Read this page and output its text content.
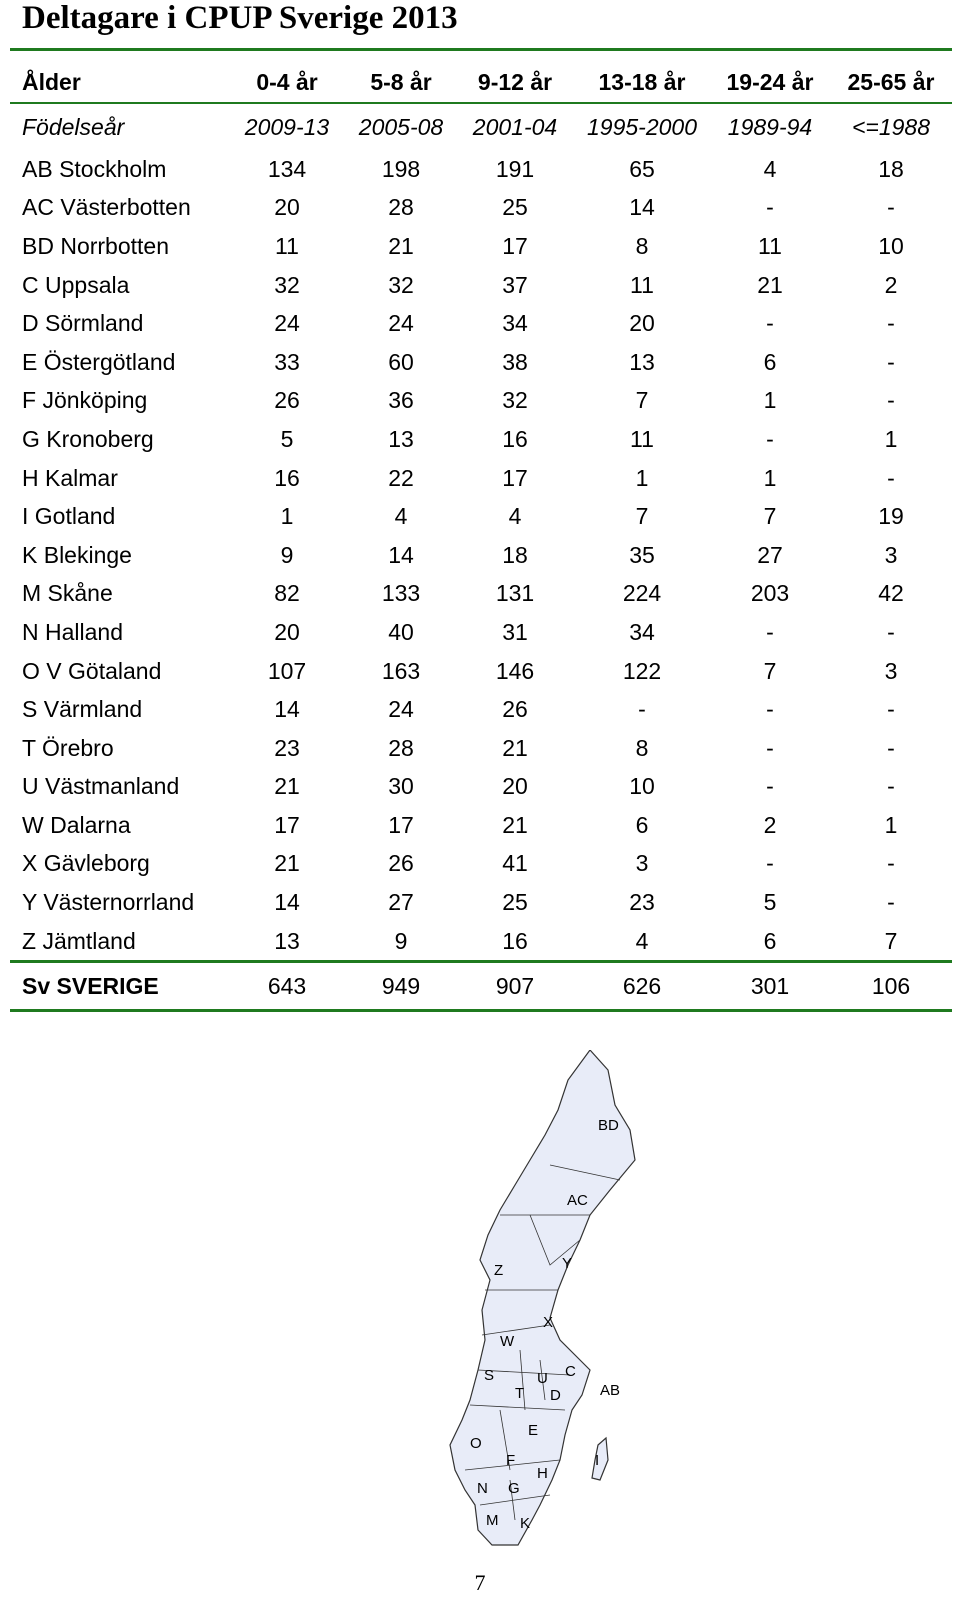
Deltagare i CPUP Sverige 2013
Ålder	0-4 år	5-8 år	9-12 år	13-18 år	19-24 år	25-65 år
Födelseår	2009-13	2005-08	2001-04	1995-2000	1989-94	<=1988
AB Stockholm	134	198	191	65	4	18
AC Västerbotten	20	28	25	14	-	-
BD Norrbotten	11	21	17	8	11	10
C Uppsala	32	32	37	11	21	2
D Sörmland	24	24	34	20	-	-
E Östergötland	33	60	38	13	6	-
F Jönköping	26	36	32	7	1	-
G Kronoberg	5	13	16	11	-	1
H Kalmar	16	22	17	1	1	-
I Gotland	1	4	4	7	7	19
K Blekinge	9	14	18	35	27	3
M Skåne	82	133	131	224	203	42
N Halland	20	40	31	34	-	-
O V Götaland	107	163	146	122	7	3
S Värmland	14	24	26	-	-	-
T Örebro	23	28	21	8	-	-
U Västmanland	21	30	20	10	-	-
W Dalarna	17	17	21	6	2	1
X Gävleborg	21	26	41	3	-	-
Y Västernorrland	14	27	25	23	5	-
Z Jämtland	13	9	16	4	6	7
Sv SVERIGE	643	949	907	626	301	106
BD
AC
Z	Y
X
W
S	U C
T D	AB
E
O
F	I
H
N G
M K
7
